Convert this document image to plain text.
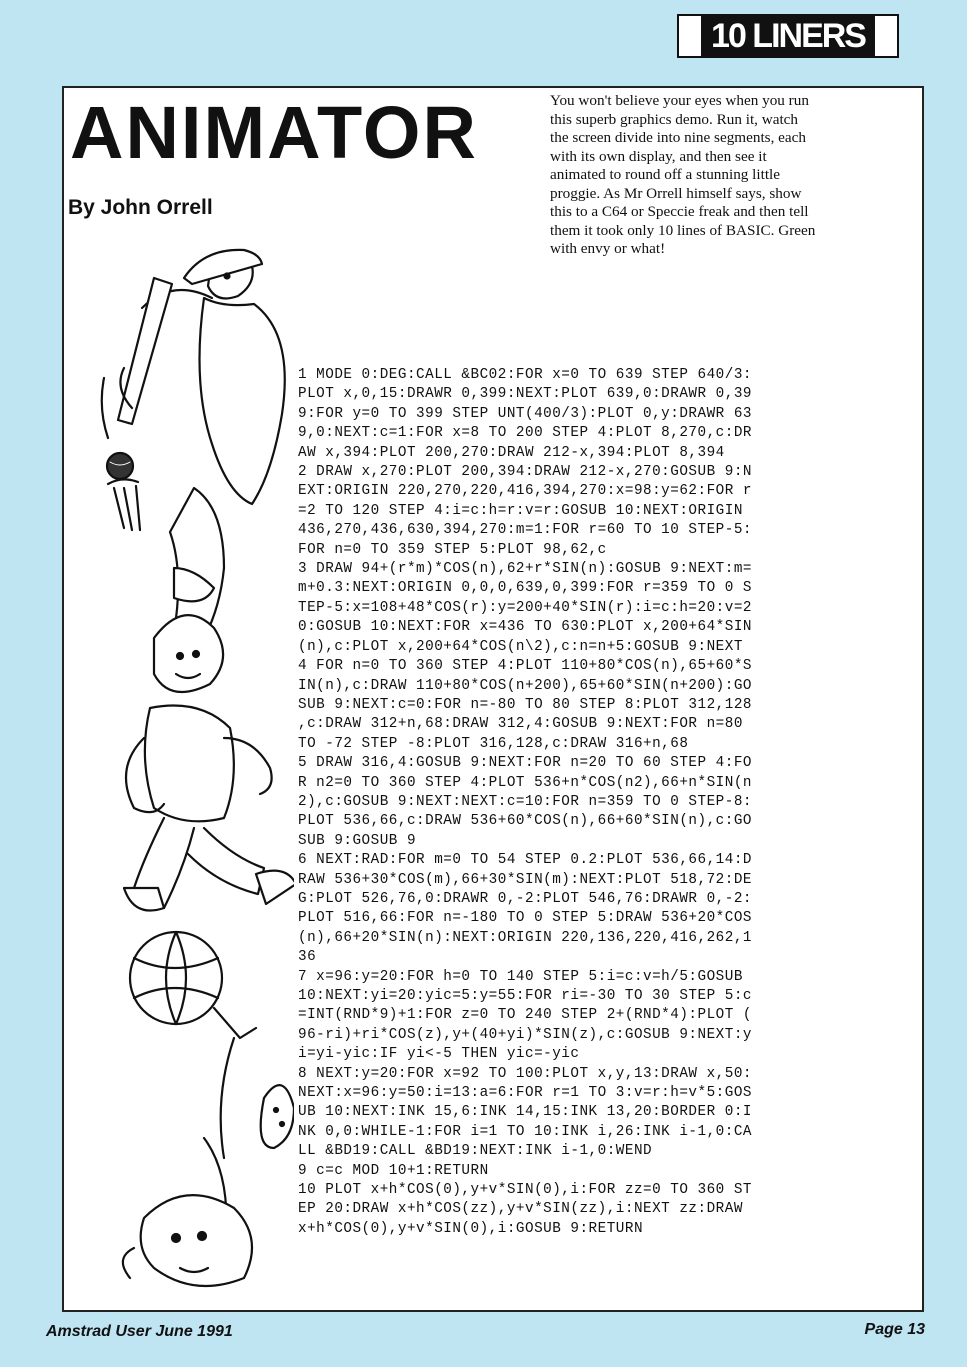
10 LINERS
ANIMATOR
By John Orrell

You won't believe your eyes when you run this superb graphics demo. Run it, watch the screen divide into nine segments, each with its own display, and then see it animated to round off a stunning little proggie. As Mr Orrell himself says, show this to a C64 or Speccie freak and then tell them it took only 10 lines of BASIC. Green with envy or what!

1 MODE 0:DEG:CALL &BC02:FOR x=0 TO 639 STEP 640/3:
PLOT x,0,15:DRAWR 0,399:NEXT:PLOT 639,0:DRAWR 0,39
9:FOR y=0 TO 399 STEP UNT(400/3):PLOT 0,y:DRAWR 63
9,0:NEXT:c=1:FOR x=8 TO 200 STEP 4:PLOT 8,270,c:DR
AW x,394:PLOT 200,270:DRAW 212-x,394:PLOT 8,394
2 DRAW x,270:PLOT 200,394:DRAW 212-x,270:GOSUB 9:N
EXT:ORIGIN 220,270,220,416,394,270:x=98:y=62:FOR r
=2 TO 120 STEP 4:i=c:h=r:v=r:GOSUB 10:NEXT:ORIGIN
436,270,436,630,394,270:m=1:FOR r=60 TO 10 STEP-5:
FOR n=0 TO 359 STEP 5:PLOT 98,62,c
3 DRAW 94+(r*m)*COS(n),62+r*SIN(n):GOSUB 9:NEXT:m=
m+0.3:NEXT:ORIGIN 0,0,0,639,0,399:FOR r=359 TO 0 S
TEP-5:x=108+48*COS(r):y=200+40*SIN(r):i=c:h=20:v=2
0:GOSUB 10:NEXT:FOR x=436 TO 630:PLOT x,200+64*SIN
(n),c:PLOT x,200+64*COS(n\2),c:n=n+5:GOSUB 9:NEXT
4 FOR n=0 TO 360 STEP 4:PLOT 110+80*COS(n),65+60*S
IN(n),c:DRAW 110+80*COS(n+200),65+60*SIN(n+200):GO
SUB 9:NEXT:c=0:FOR n=-80 TO 80 STEP 8:PLOT 312,128
,c:DRAW 312+n,68:DRAW 312,4:GOSUB 9:NEXT:FOR n=80
TO -72 STEP -8:PLOT 316,128,c:DRAW 316+n,68
5 DRAW 316,4:GOSUB 9:NEXT:FOR n=20 TO 60 STEP 4:FO
R n2=0 TO 360 STEP 4:PLOT 536+n*COS(n2),66+n*SIN(n
2),c:GOSUB 9:NEXT:NEXT:c=10:FOR n=359 TO 0 STEP-8:
PLOT 536,66,c:DRAW 536+60*COS(n),66+60*SIN(n),c:GO
SUB 9:GOSUB 9
6 NEXT:RAD:FOR m=0 TO 54 STEP 0.2:PLOT 536,66,14:D
RAW 536+30*COS(m),66+30*SIN(m):NEXT:PLOT 518,72:DE
G:PLOT 526,76,0:DRAWR 0,-2:PLOT 546,76:DRAWR 0,-2:
PLOT 516,66:FOR n=-180 TO 0 STEP 5:DRAW 536+20*COS
(n),66+20*SIN(n):NEXT:ORIGIN 220,136,220,416,262,1
36
7 x=96:y=20:FOR h=0 TO 140 STEP 5:i=c:v=h/5:GOSUB
10:NEXT:yi=20:yic=5:y=55:FOR ri=-30 TO 30 STEP 5:c
=INT(RND*9)+1:FOR z=0 TO 240 STEP 2+(RND*4):PLOT (
96-ri)+ri*COS(z),y+(40+yi)*SIN(z),c:GOSUB 9:NEXT:y
i=yi-yic:IF yi<-5 THEN yic=-yic
8 NEXT:y=20:FOR x=92 TO 100:PLOT x,y,13:DRAW x,50:
NEXT:x=96:y=50:i=13:a=6:FOR r=1 TO 3:v=r:h=v*5:GOS
UB 10:NEXT:INK 15,6:INK 14,15:INK 13,20:BORDER 0:I
NK 0,0:WHILE-1:FOR i=1 TO 10:INK i,26:INK i-1,0:CA
LL &BD19:CALL &BD19:NEXT:INK i-1,0:WEND
9 c=c MOD 10+1:RETURN
10 PLOT x+h*COS(0),y+v*SIN(0),i:FOR zz=0 TO 360 ST
EP 20:DRAW x+h*COS(zz),y+v*SIN(zz),i:NEXT zz:DRAW
x+h*COS(0),y+v*SIN(0),i:GOSUB 9:RETURN
Amstrad User June 1991	Page 13
